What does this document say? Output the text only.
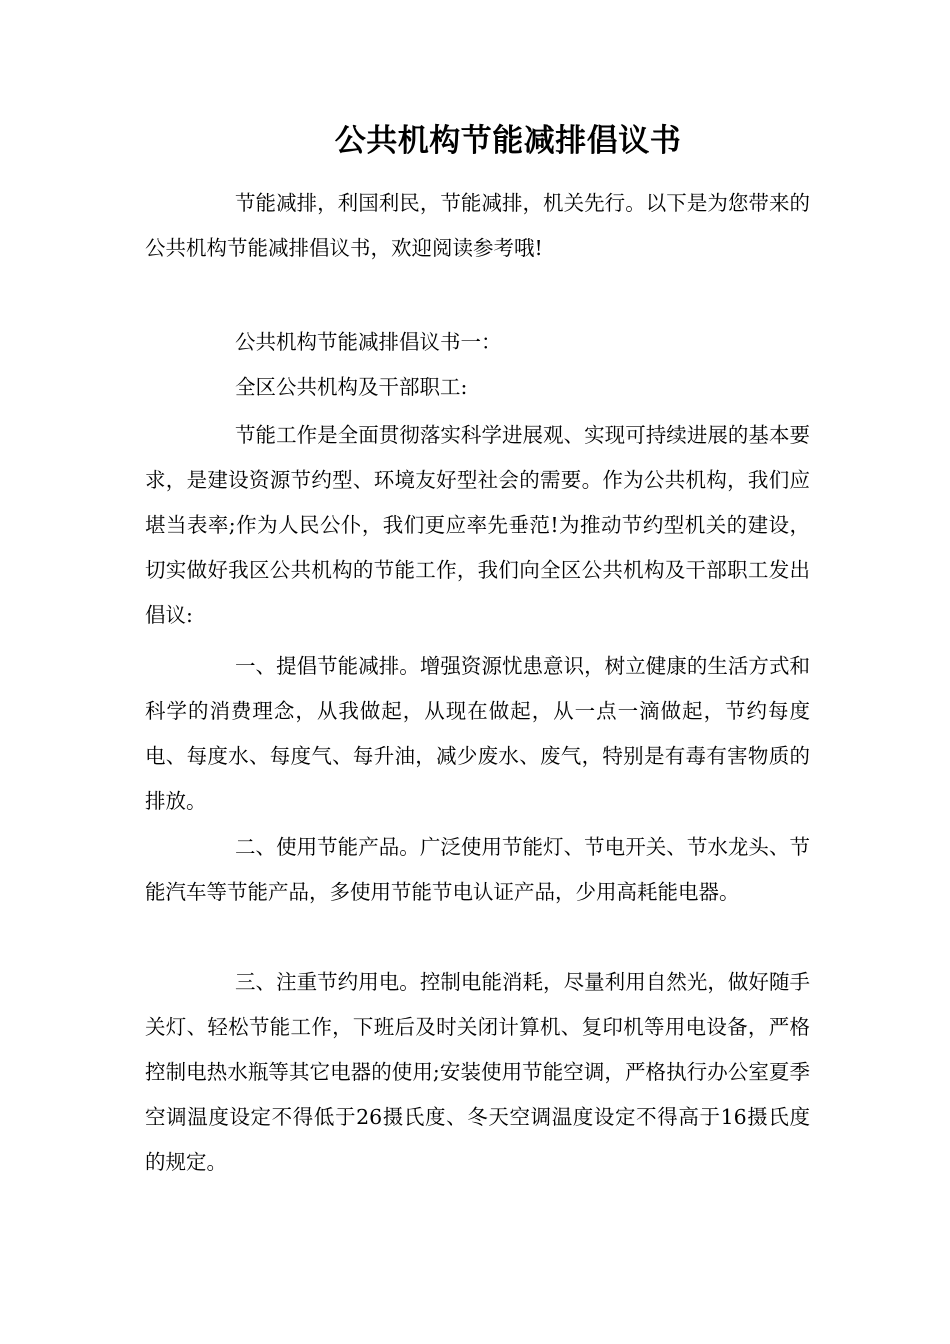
公共机构节能减排倡议书

节能减排，利国利民，节能减排，机关先行。以下是为您带来的公共机构节能减排倡议书，欢迎阅读参考哦!

公共机构节能减排倡议书一：

全区公共机构及干部职工:

节能工作是全面贯彻落实科学进展观、实现可持续进展的基本要求，是建设资源节约型、环境友好型社会的需要。作为公共机构，我们应堪当表率;作为人民公仆，我们更应率先垂范!为推动节约型机关的建设，切实做好我区公共机构的节能工作，我们向全区公共机构及干部职工发出倡议:

一、提倡节能减排。增强资源忧患意识，树立健康的生活方式和科学的消费理念，从我做起，从现在做起，从一点一滴做起，节约每度电、每度水、每度气、每升油，减少废水、废气，特别是有毒有害物质的排放。

二、使用节能产品。广泛使用节能灯、节电开关、节水龙头、节能汽车等节能产品，多使用节能节电认证产品，少用高耗能电器。

三、注重节约用电。控制电能消耗，尽量利用自然光，做好随手关灯、轻松节能工作，下班后及时关闭计算机、复印机等用电设备，严格控制电热水瓶等其它电器的使用;安装使用节能空调，严格执行办公室夏季空调温度设定不得低于26摄氏度、冬天空调温度设定不得高于16摄氏度的规定。
